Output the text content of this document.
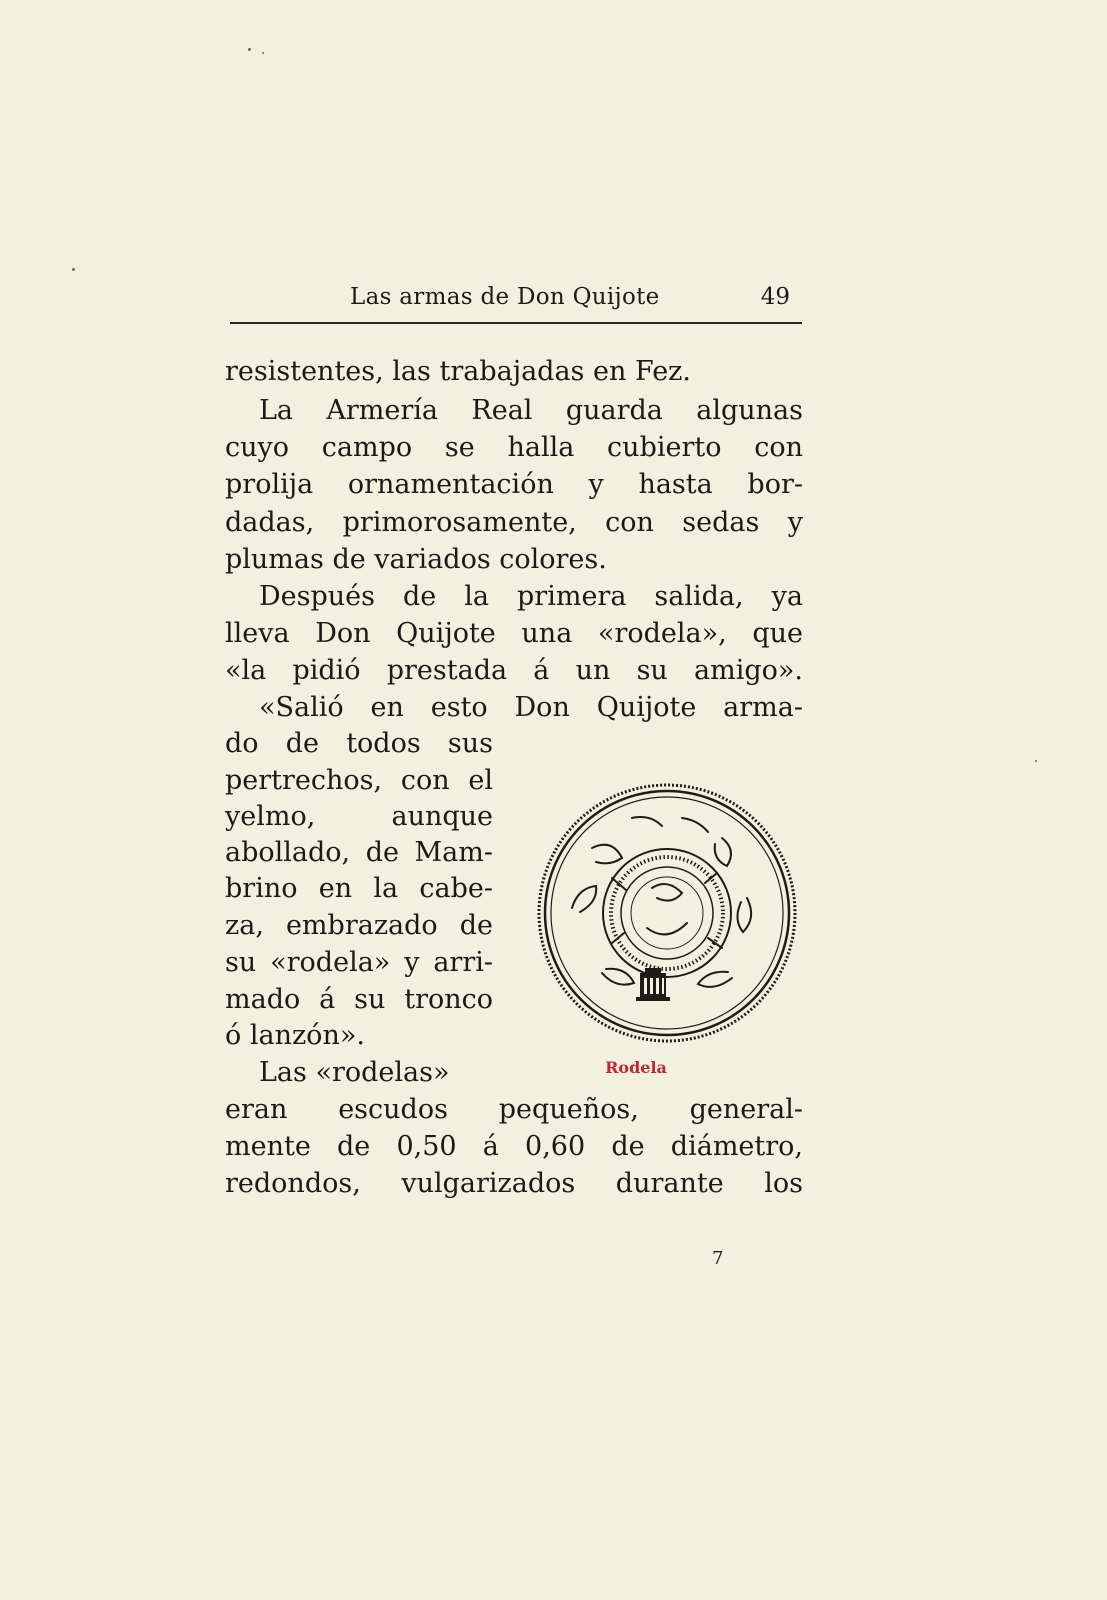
Las armas de Don Quijote	49
resistentes, las trabajadas en Fez.
La Armería Real guarda algunas
cuyo campo se halla cubierto con
prolija ornamentación y hasta bor-
dadas, primorosamente, con sedas y
plumas de variados colores.
Después de la primera salida, ya
lleva Don Quijote una «rodela», que
«la pidió prestada á un su amigo».
«Salió en esto Don Quijote arma-
do de todos sus
pertrechos, con el
yelmo, aunque
abollado, de Mam-
brino en la cabe-
za, embrazado de
su «rodela» y arri-
mado á su tronco
ó lanzón».
Las «rodelas»
eran escudos pequeños, general-
mente de 0,50 á 0,60 de diámetro,
redondos, vulgarizados durante los
Rodela
7
